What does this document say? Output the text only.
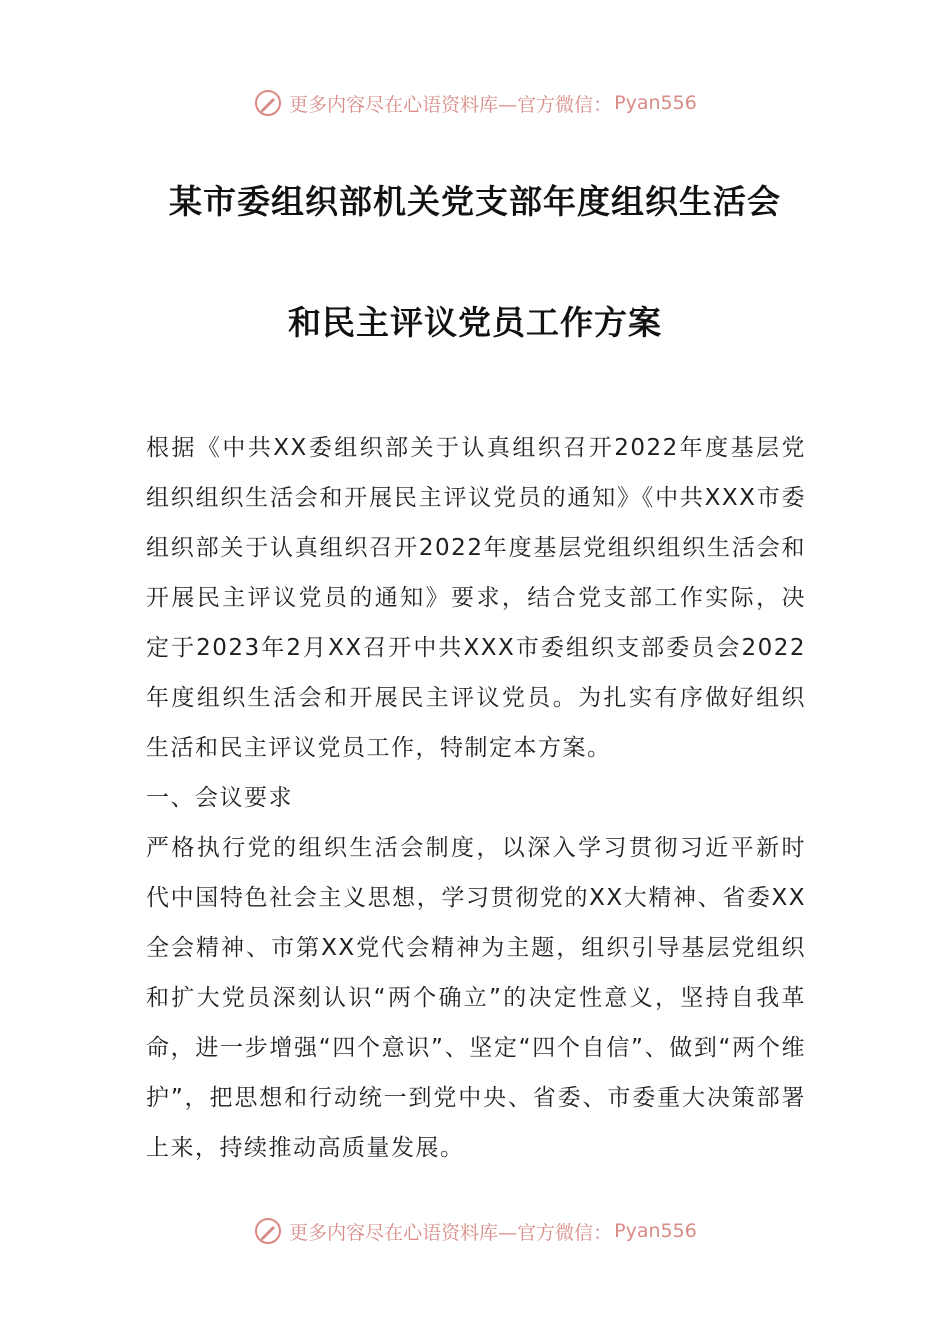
更多内容尽在心语资料库—官方微信： Pyan556
某市委组织部机关党支部年度组织生活会
和民主评议党员工作方案
根据《中共XX委组织部关于认真组织召开2022年度基层党组织组织生活会和开展民主评议党员的通知》《中共XXX市委组织部关于认真组织召开2022年度基层党组织组织生活会和开展民主评议党员的通知》要求，结合党支部工作实际，决定于2023年2月XX召开中共XXX市委组织支部委员会2022年度组织生活会和开展民主评议党员。为扎实有序做好组织生活和民主评议党员工作，特制定本方案。
一、会议要求
严格执行党的组织生活会制度，以深入学习贯彻习近平新时代中国特色社会主义思想，学习贯彻党的XX大精神、省委XX全会精神、市第XX党代会精神为主题，组织引导基层党组织和扩大党员深刻认识“两个确立”的决定性意义，坚持自我革命，进一步增强“四个意识”、坚定“四个自信”、做到“两个维护”，把思想和行动统一到党中央、省委、市委重大决策部署上来，持续推动高质量发展。
更多内容尽在心语资料库—官方微信： Pyan556
